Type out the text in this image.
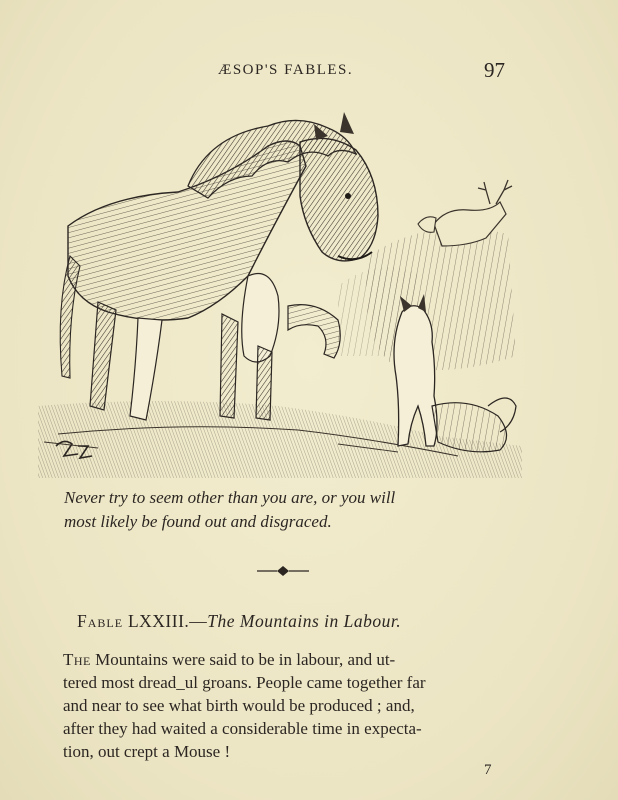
ÆSOP'S FABLES.	97
Never try to seem other than you are, or you will
most likely be found out and disgraced.
Fable LXXIII.—The Mountains in Labour.

The Mountains were said to be in labour, and ut-

tered most dread_ul groans. People came together far

and near to see what birth would be produced ; and,

after they had waited a considerable time in expecta-

tion, out crept a Mouse !

7
